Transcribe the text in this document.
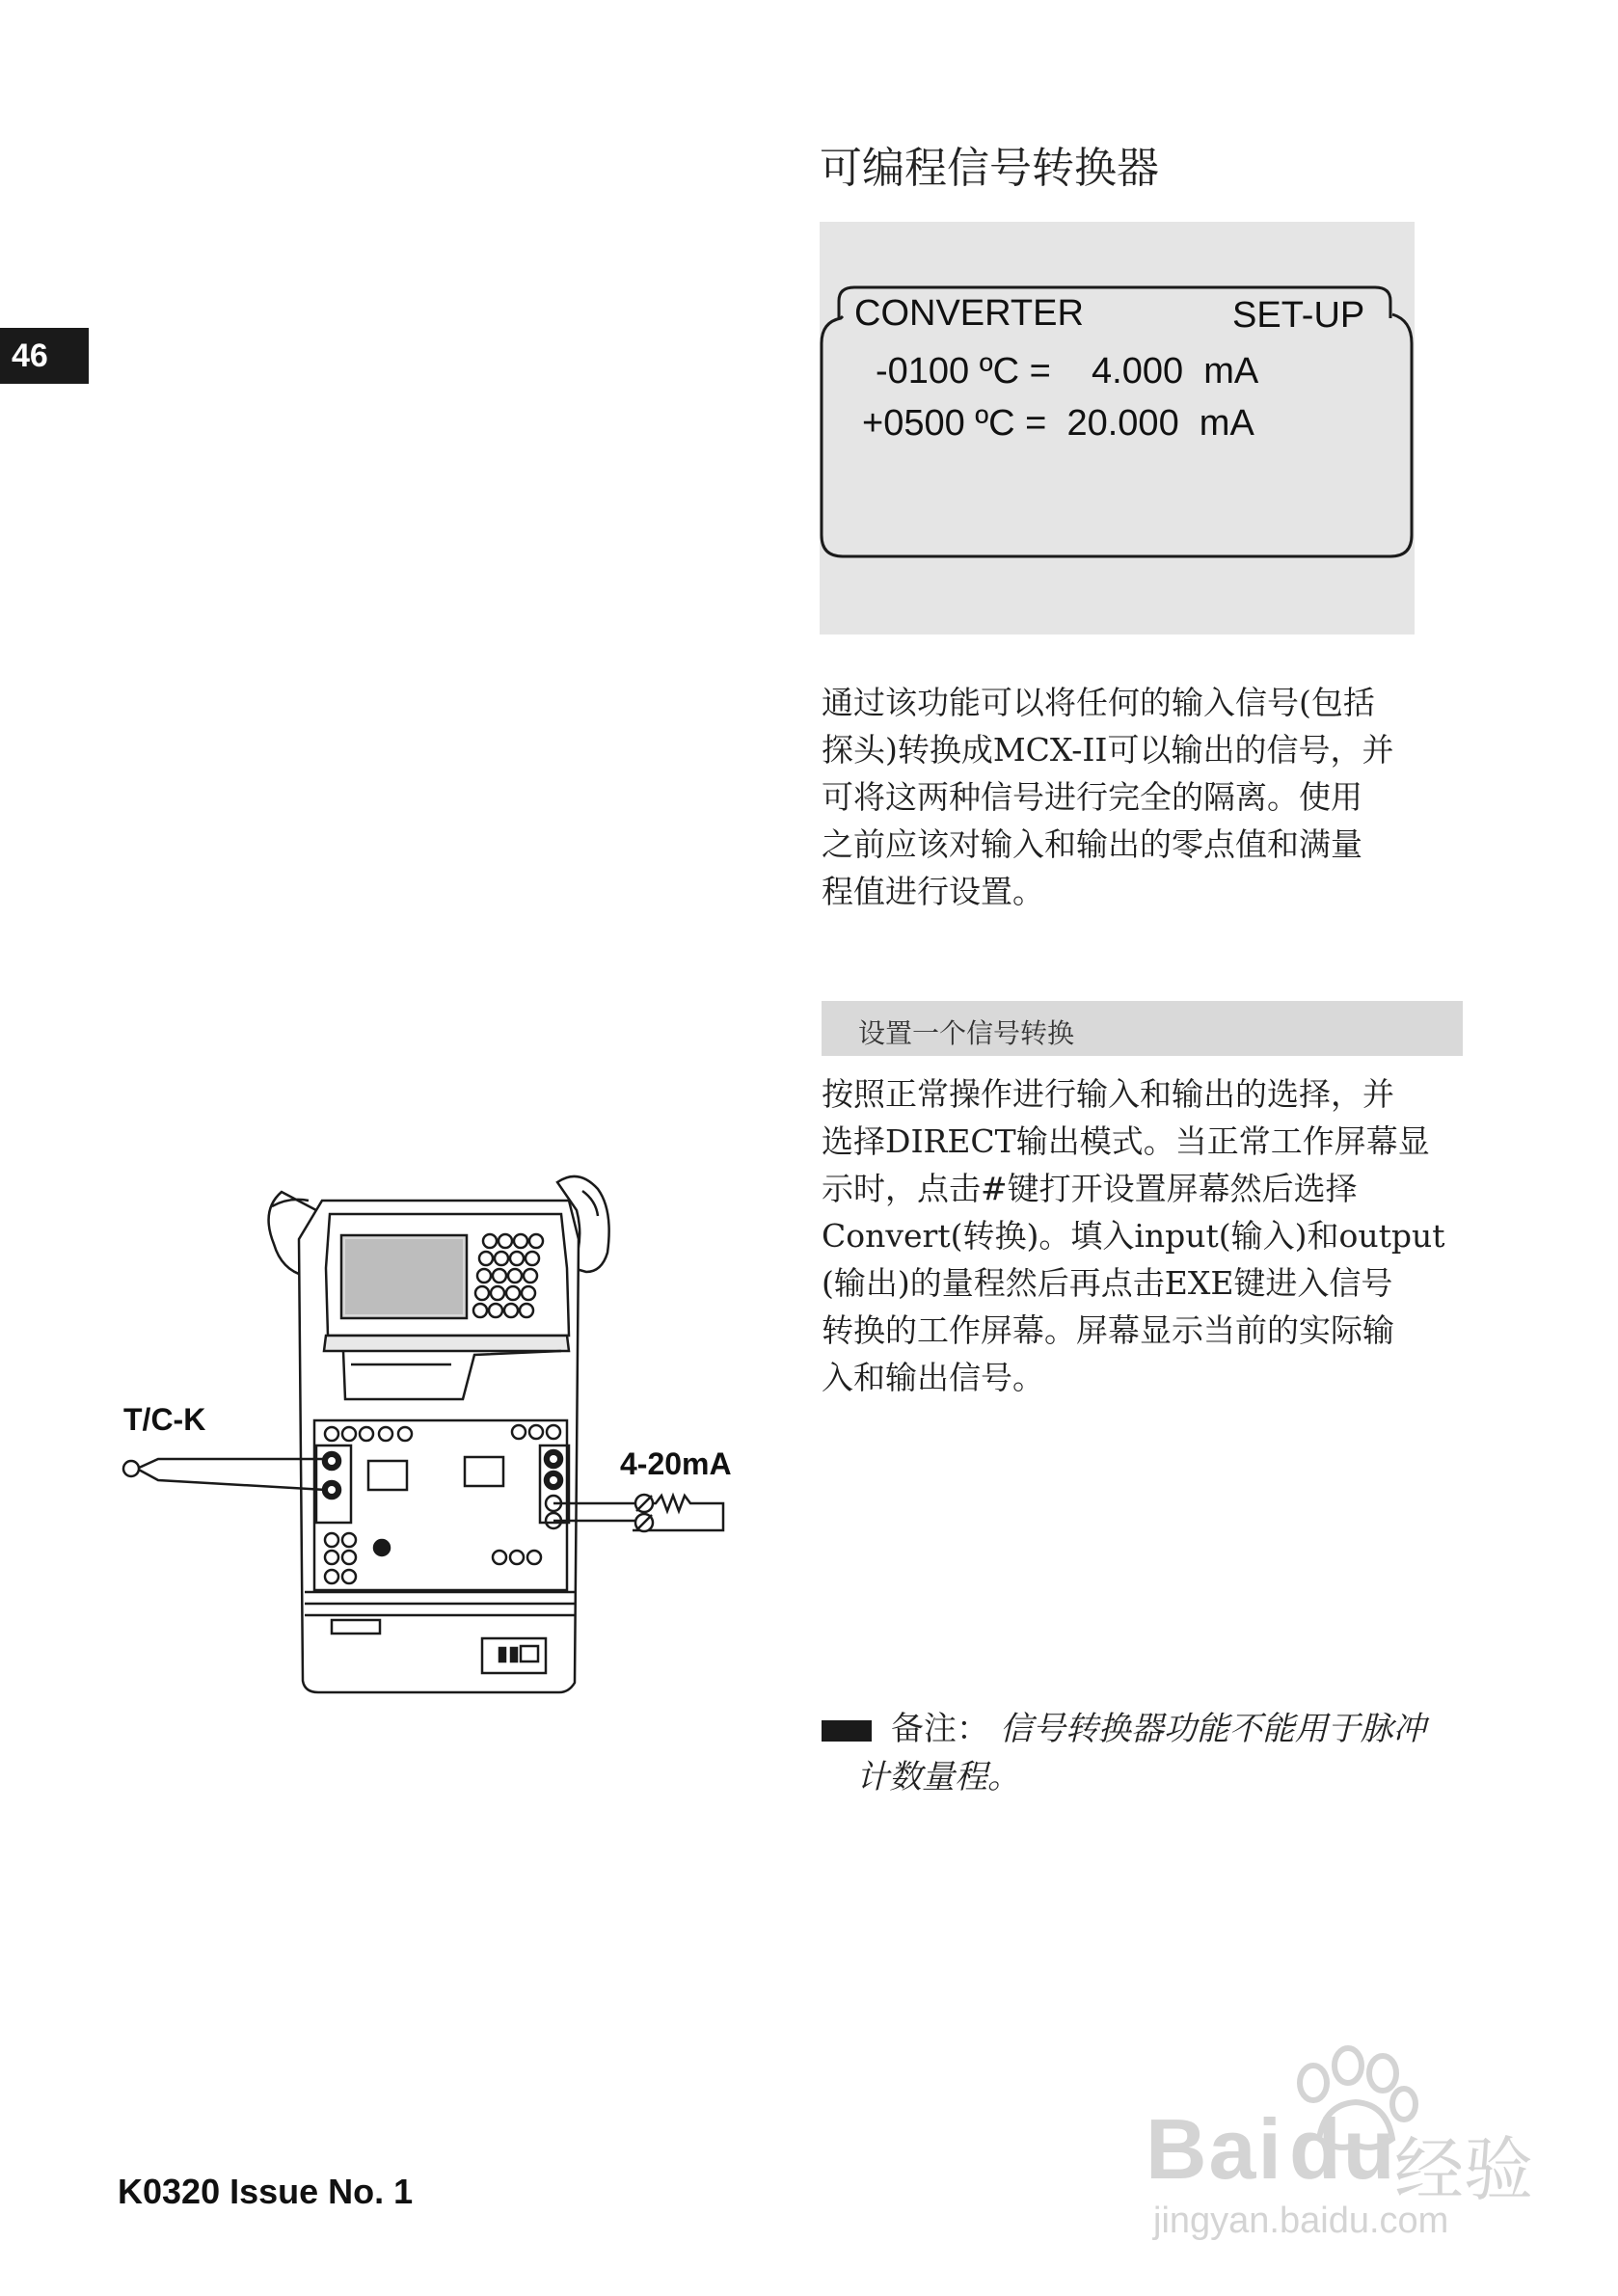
46
可编程信号转换器
CONVERTER	SET-UP
-0100 ºC =    4.000  mA
+0500 ºC =  20.000  mA

通过该功能可以将任何的输入信号(包括

探头)转换成MCX-II可以输出的信号，并

可将这两种信号进行完全的隔离。使用

之前应该对输入和输出的零点值和满量

程值进行设置。

设置一个信号转换

按照正常操作进行输入和输出的选择，并

选择DIRECT输出模式。当正常工作屏幕显

示时，点击#键打开设置屏幕然后选择

Convert(转换)。填入input(输入)和output

(输出)的量程然后再点击EXE键进入信号

转换的工作屏幕。屏幕显示当前的实际输

入和输出信号。

T/C-K
4-20mA
备注： 信号转换器功能不能用于脉冲
计数量程。
K0320 Issue No. 1	Baidu
经验
jingyan.baidu.com
